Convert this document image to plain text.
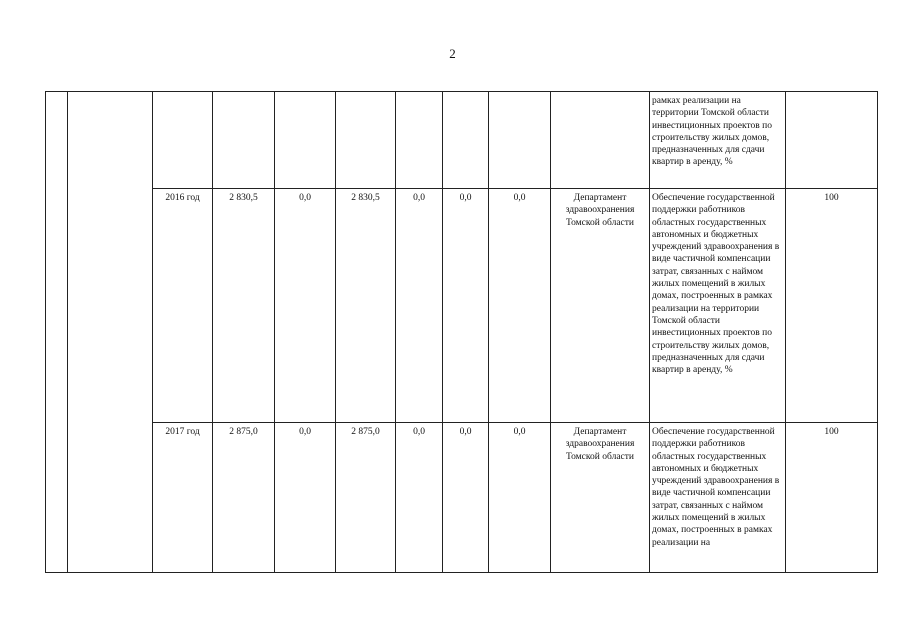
2
										рамках реализации на территории Томской области инвестиционных проектов по строительству жилых домов, предназначенных для сдачи квартир в аренду, %	
		2016 год	2 830,5	0,0	2 830,5	0,0	0,0	0,0	Департамент здравоохранения Томской области	Обеспечение государственной поддержки работников областных государственных автономных и бюджетных учреждений здравоохранения в виде частичной компенсации затрат, связанных с наймом жилых помещений в жилых домах, построенных в рамках реализации на территории Томской области инвестиционных проектов по строительству жилых домов, предназначенных для сдачи квартир в аренду, %	100
		2017 год	2 875,0	0,0	2 875,0	0,0	0,0	0,0	Департамент здравоохранения Томской области	Обеспечение государственной поддержки работников областных государственных автономных и бюджетных учреждений здравоохранения в виде частичной компенсации затрат, связанных с наймом жилых помещений в жилых домах, построенных в рамках реализации на	100
